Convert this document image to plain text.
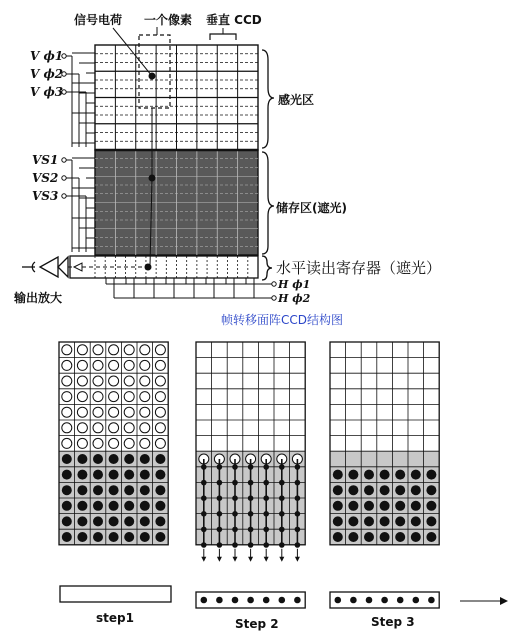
信号电荷 一个像素 垂直 CCD
V ϕ1
V ϕ2
V ϕ3
VS1
VS2
VS3
感光区
储存区(遮光)
水平读出寄存器（遮光）
输出放大
H ϕ1
H ϕ2
帧转移面阵CCD结构图
step1	Step 2	Step 3
